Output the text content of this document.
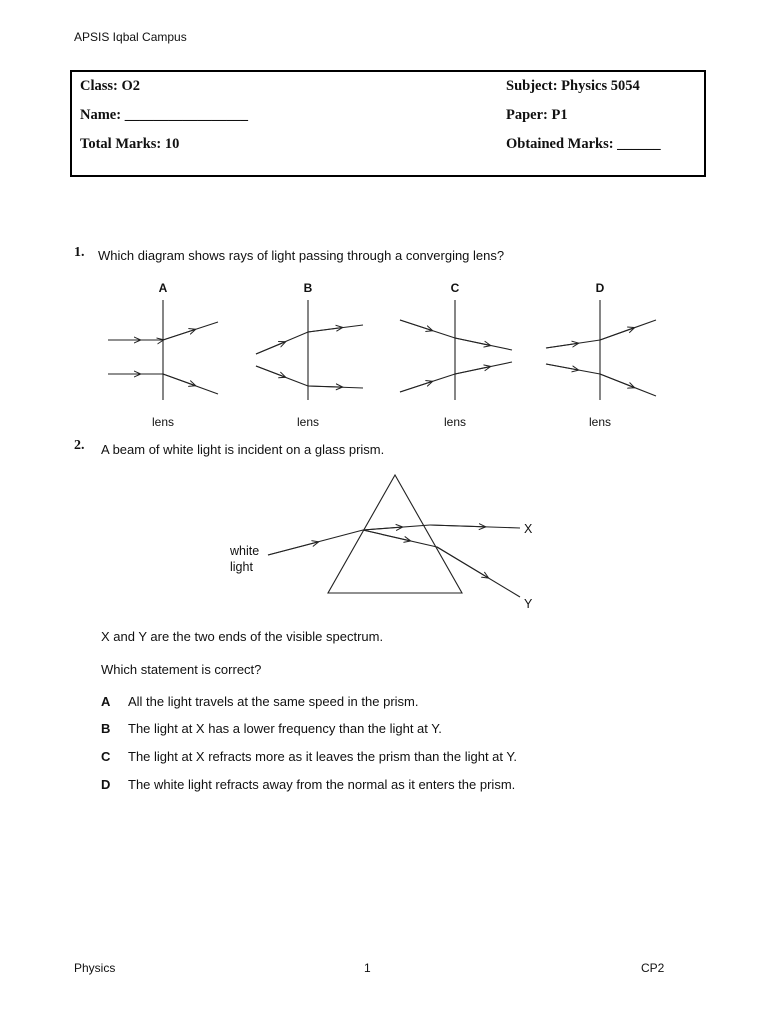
APSIS Iqbal Campus
Class: O2
Name: _________________
Total Marks: 10
Subject: Physics 5054
Paper: P1
Obtained Marks: ______
1. Which diagram shows rays of light passing through a converging lens?
A	B	C	D
lens	lens	lens	lens
2. A beam of white light is incident on a glass prism.
white
light
X
Y
X and Y are the two ends of the visible spectrum.
Which statement is correct?
A All the light travels at the same speed in the prism.
B The light at X has a lower frequency than the light at Y.
C The light at X refracts more as it leaves the prism than the light at Y.
D The white light refracts away from the normal as it enters the prism.
Physics	1	CP2
